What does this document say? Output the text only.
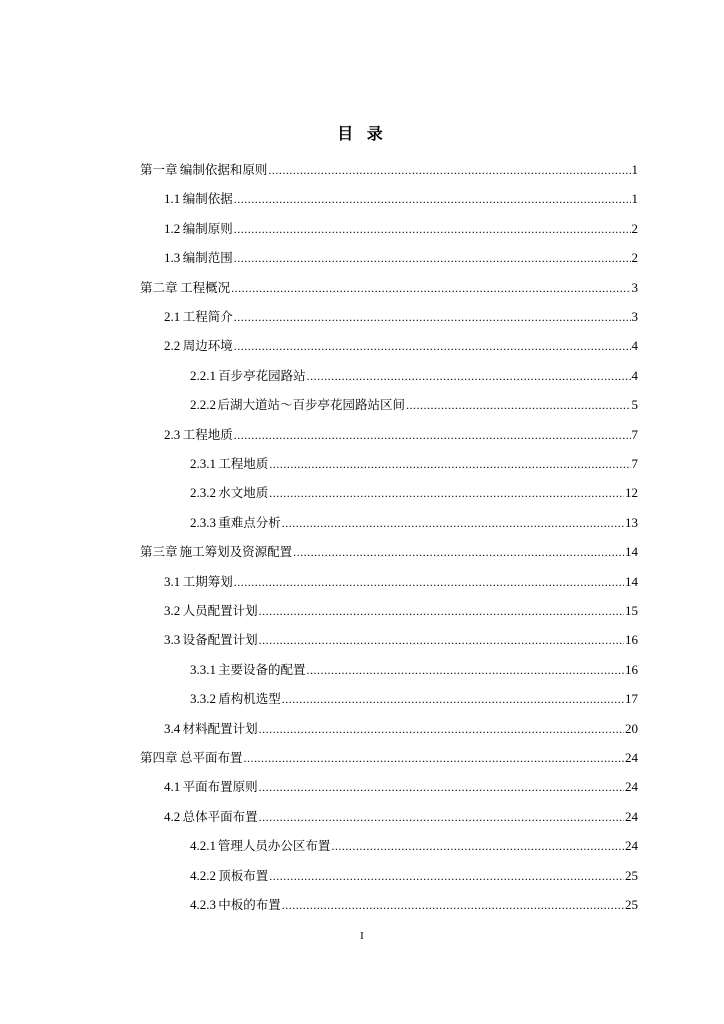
目 录
第一章 编制依据和原则 .....	1
1.1 编制依据 .....	1
1.2 编制原则 .....	2
1.3 编制范围 .....	2
第二章 工程概况 .....	3
2.1 工程简介 .....	3
2.2 周边环境 .....	4
2.2.1 百步亭花园路站 .....	4
2.2.2 后湖大道站～百步亭花园路站区间 .....	5
2.3 工程地质 .....	7
2.3.1 工程地质 .....	7
2.3.2 水文地质 .....	12
2.3.3 重难点分析 .....	13
第三章 施工筹划及资源配置 .....	14
3.1 工期筹划 .....	14
3.2 人员配置计划 .....	15
3.3 设备配置计划 .....	16
3.3.1 主要设备的配置 .....	16
3.3.2 盾构机选型 .....	17
3.4 材料配置计划 .....	20
第四章 总平面布置 .....	24
4.1 平面布置原则 .....	24
4.2 总体平面布置 .....	24
4.2.1 管理人员办公区布置 .....	24
4.2.2 顶板布置 .....	25
4.2.3 中板的布置 .....	25
I
